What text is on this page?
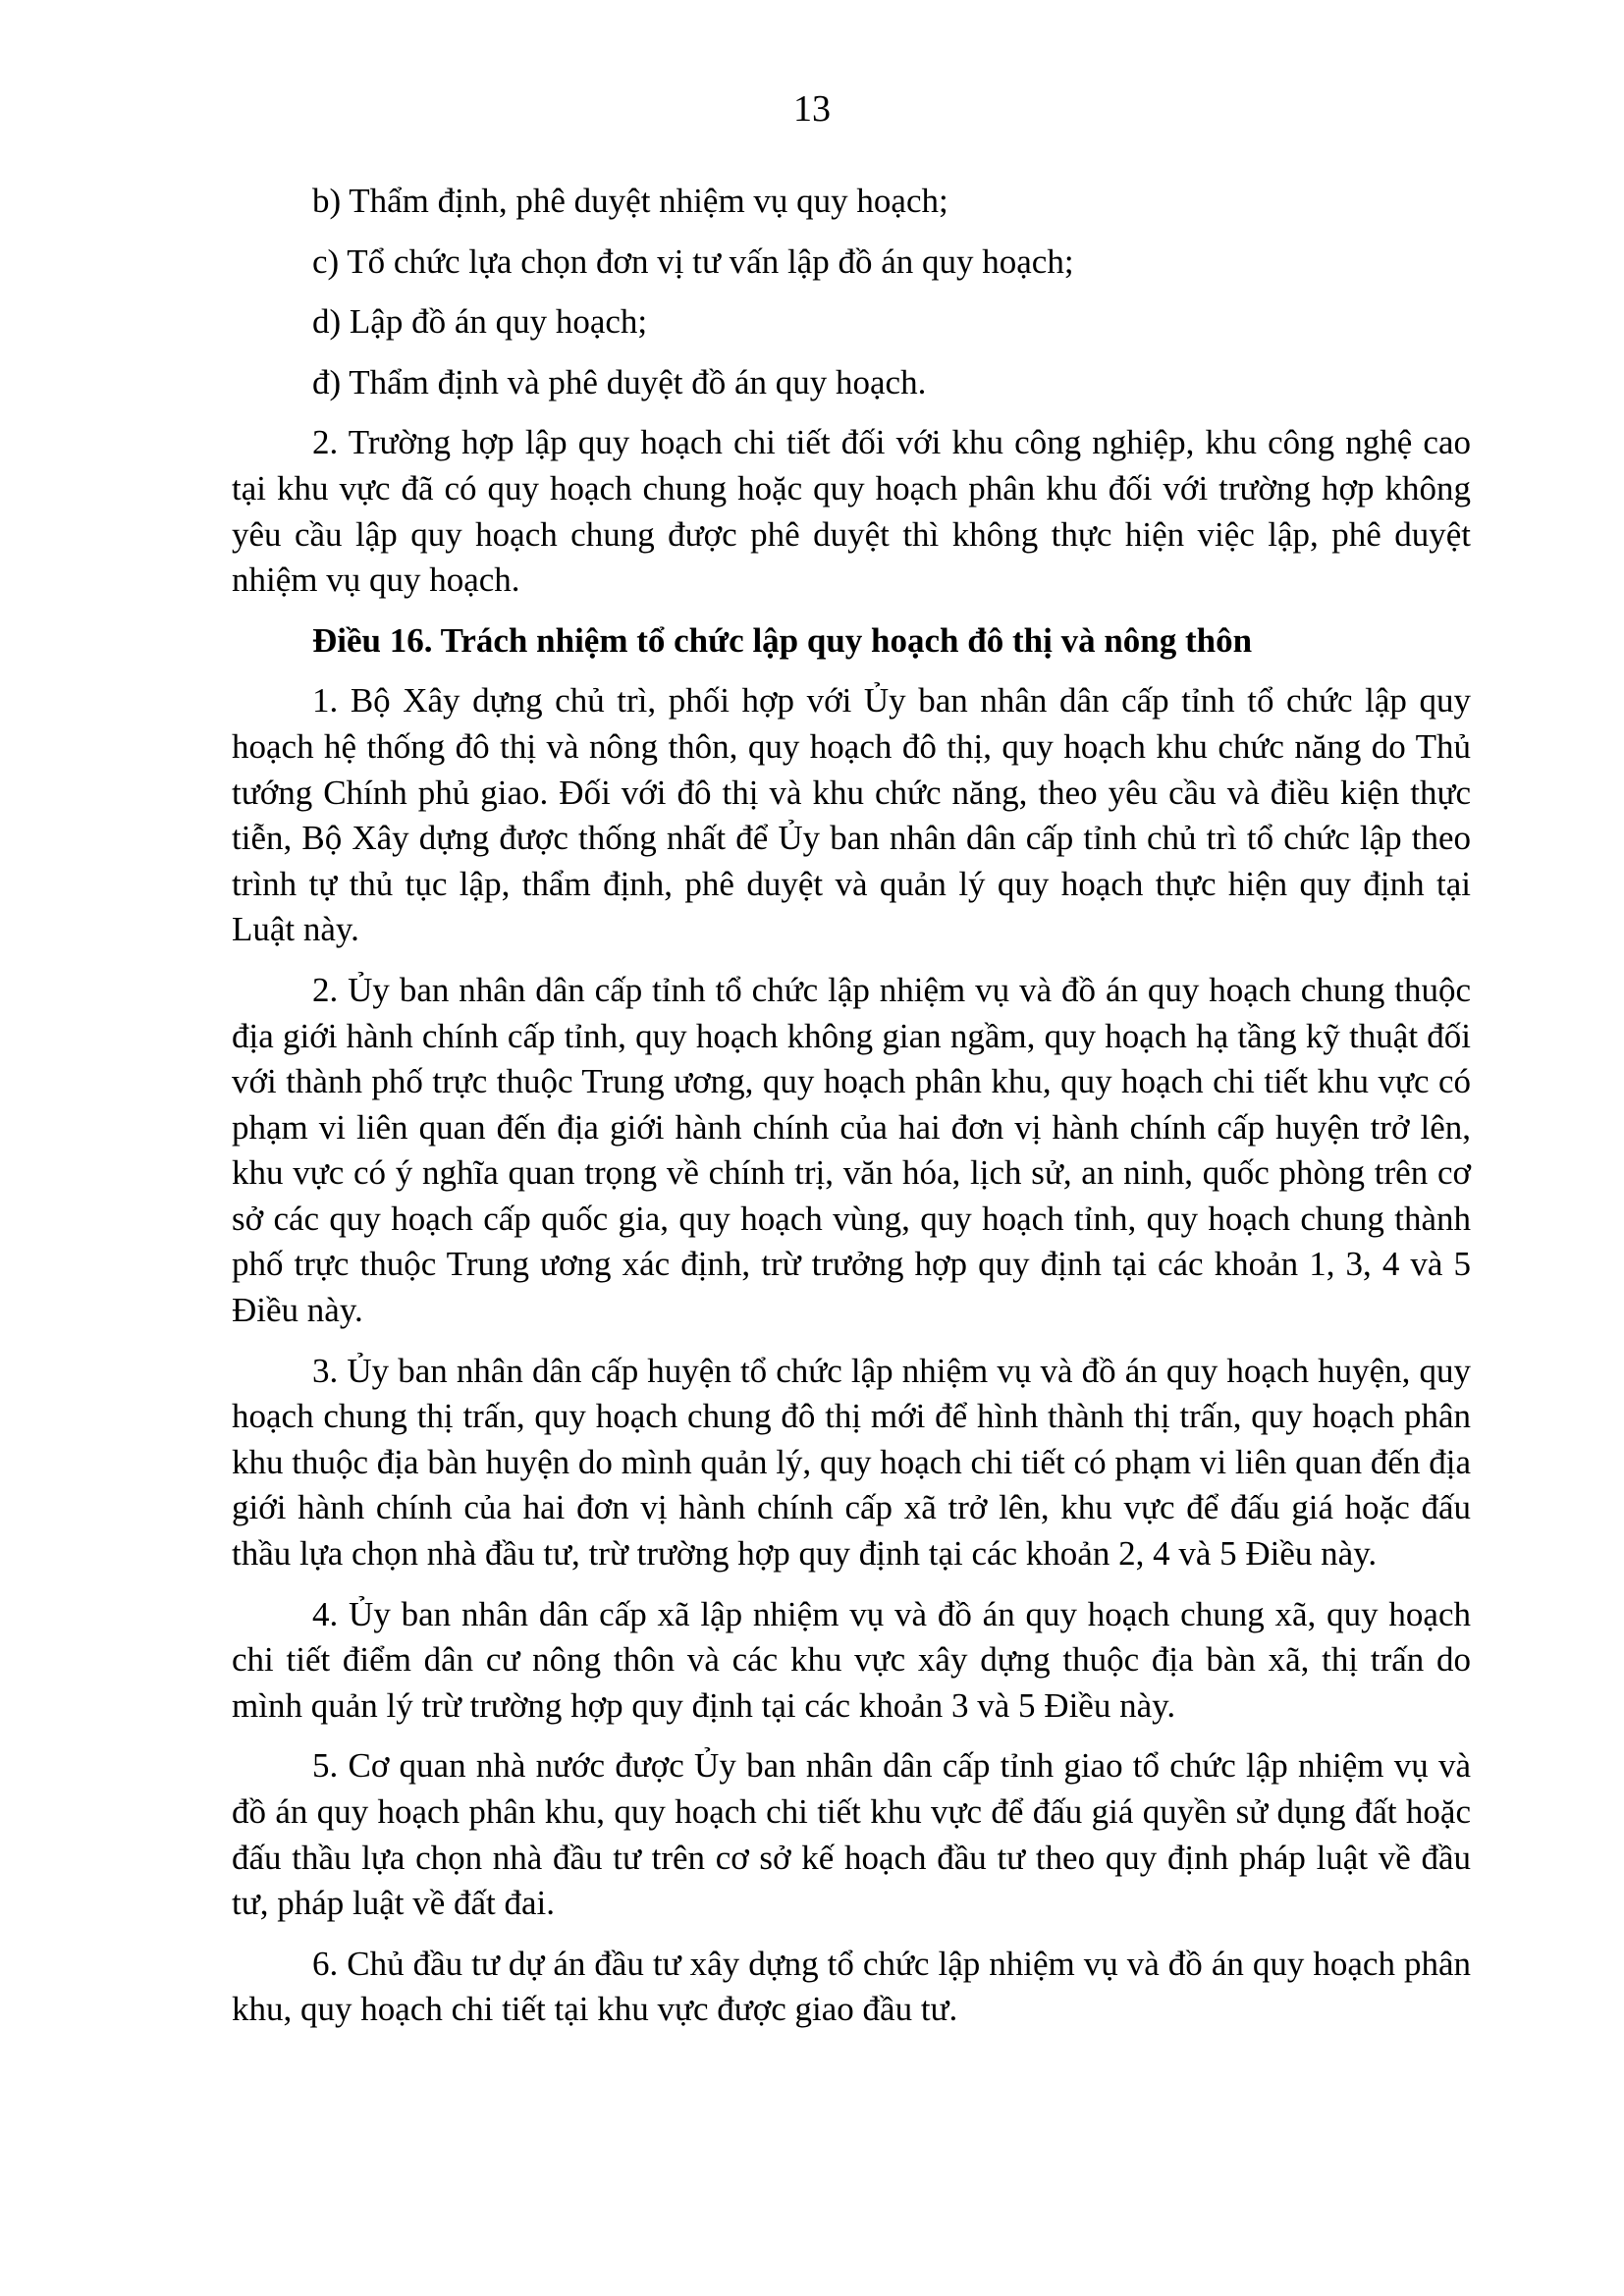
13

b) Thẩm định, phê duyệt nhiệm vụ quy hoạch;

c) Tổ chức lựa chọn đơn vị tư vấn lập đồ án quy hoạch;

d) Lập đồ án quy hoạch;

đ) Thẩm định và phê duyệt đồ án quy hoạch.

2. Trường hợp lập quy hoạch chi tiết đối với khu công nghiệp, khu công nghệ cao tại khu vực đã có quy hoạch chung hoặc quy hoạch phân khu đối với trường hợp không yêu cầu lập quy hoạch chung được phê duyệt thì không thực hiện việc lập, phê duyệt nhiệm vụ quy hoạch.

Điều 16. Trách nhiệm tổ chức lập quy hoạch đô thị và nông thôn

1. Bộ Xây dựng chủ trì, phối hợp với Ủy ban nhân dân cấp tỉnh tổ chức lập quy hoạch hệ thống đô thị và nông thôn, quy hoạch đô thị, quy hoạch khu chức năng do Thủ tướng Chính phủ giao. Đối với đô thị và khu chức năng, theo yêu cầu và điều kiện thực tiễn, Bộ Xây dựng được thống nhất để Ủy ban nhân dân cấp tỉnh chủ trì tổ chức lập theo trình tự thủ tục lập, thẩm định, phê duyệt và quản lý quy hoạch thực hiện quy định tại Luật này.

2. Ủy ban nhân dân cấp tỉnh tổ chức lập nhiệm vụ và đồ án quy hoạch chung thuộc địa giới hành chính cấp tỉnh, quy hoạch không gian ngầm, quy hoạch hạ tầng kỹ thuật đối với thành phố trực thuộc Trung ương, quy hoạch phân khu, quy hoạch chi tiết khu vực có phạm vi liên quan đến địa giới hành chính của hai đơn vị hành chính cấp huyện trở lên, khu vực có ý nghĩa quan trọng về chính trị, văn hóa, lịch sử, an ninh, quốc phòng trên cơ sở các quy hoạch cấp quốc gia, quy hoạch vùng, quy hoạch tỉnh, quy hoạch chung thành phố trực thuộc Trung ương xác định, trừ trưởng hợp quy định tại các khoản 1, 3, 4 và 5 Điều này.

3. Ủy ban nhân dân cấp huyện tổ chức lập nhiệm vụ và đồ án quy hoạch huyện, quy hoạch chung thị trấn, quy hoạch chung đô thị mới để hình thành thị trấn, quy hoạch phân khu thuộc địa bàn huyện do mình quản lý, quy hoạch chi tiết có phạm vi liên quan đến địa giới hành chính của hai đơn vị hành chính cấp xã trở lên, khu vực để đấu giá hoặc đấu thầu lựa chọn nhà đầu tư, trừ trường hợp quy định tại các khoản 2, 4 và 5 Điều này.

4. Ủy ban nhân dân cấp xã lập nhiệm vụ và đồ án quy hoạch chung xã, quy hoạch chi tiết điểm dân cư nông thôn và các khu vực xây dựng thuộc địa bàn xã, thị trấn do mình quản lý trừ trường hợp quy định tại các khoản 3 và 5 Điều này.

5. Cơ quan nhà nước được Ủy ban nhân dân cấp tỉnh giao tổ chức lập nhiệm vụ và đồ án quy hoạch phân khu, quy hoạch chi tiết khu vực để đấu giá quyền sử dụng đất hoặc đấu thầu lựa chọn nhà đầu tư trên cơ sở kế hoạch đầu tư theo quy định pháp luật về đầu tư, pháp luật về đất đai.

6. Chủ đầu tư dự án đầu tư xây dựng tổ chức lập nhiệm vụ và đồ án quy hoạch phân khu, quy hoạch chi tiết tại khu vực được giao đầu tư.
